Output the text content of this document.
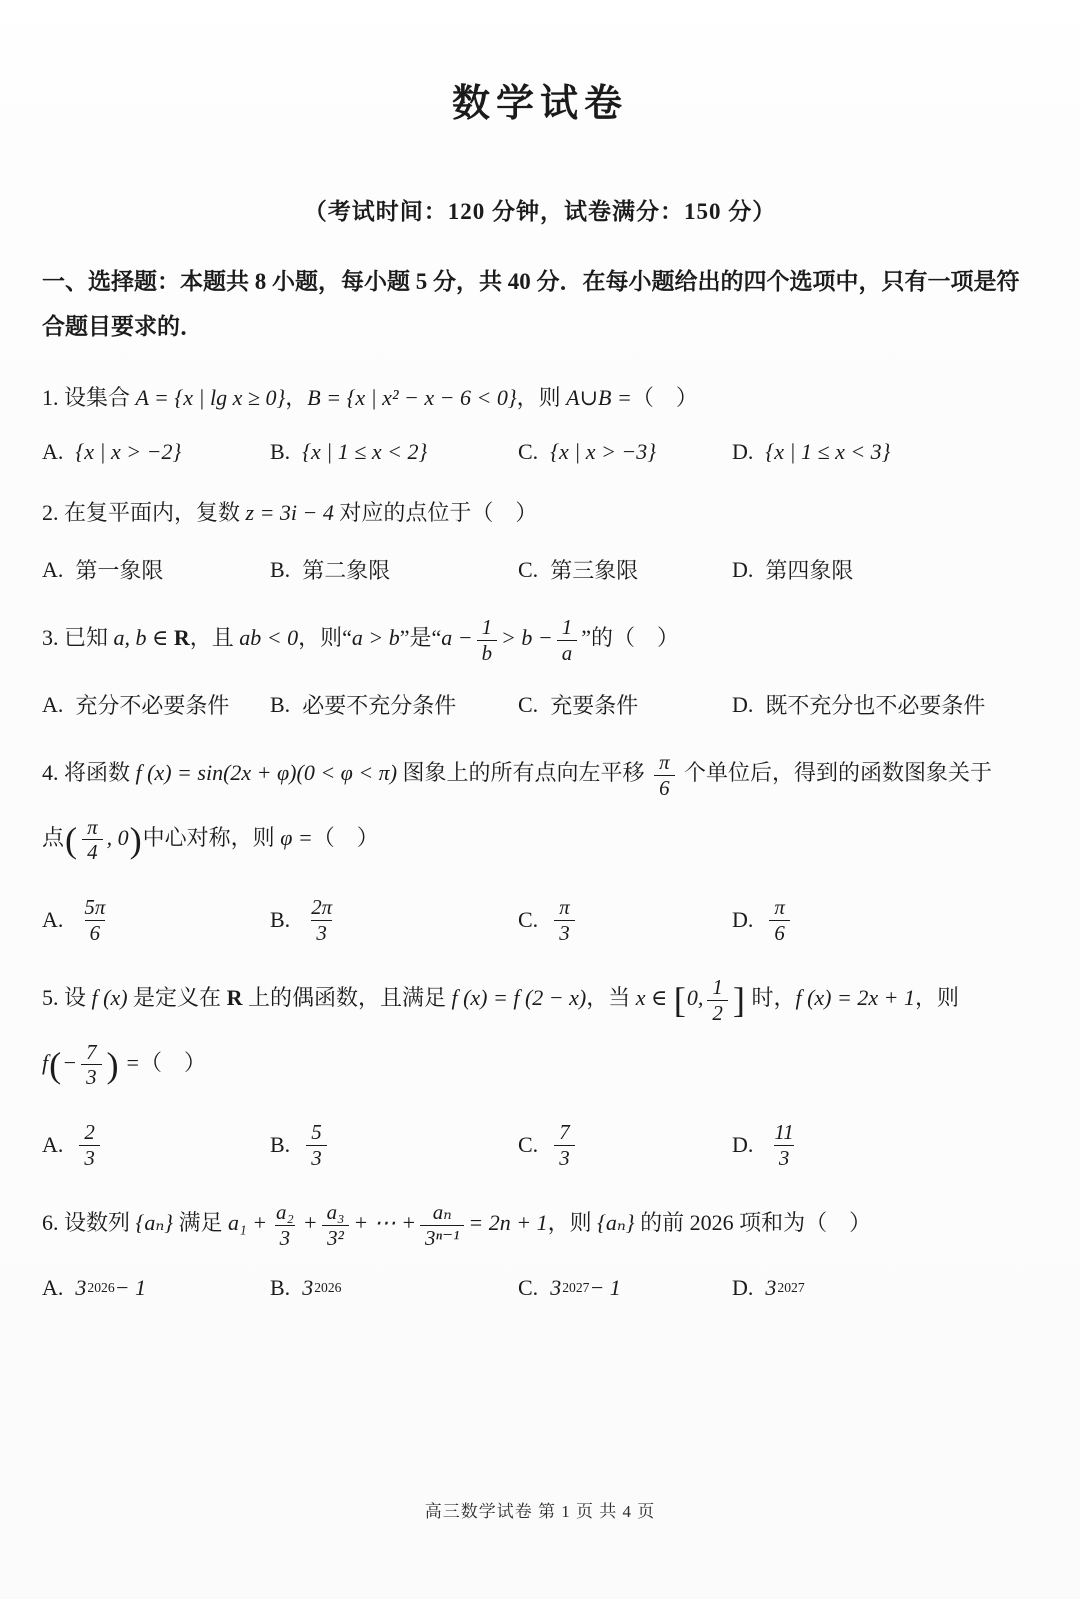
数学试卷
（考试时间：120 分钟，试卷满分：150 分）
一、选择题：本题共 8 小题，每小题 5 分，共 40 分．在每小题给出的四个选项中，只有一项是符
合题目要求的．
1. 设集合 A = {x | lg x ≥ 0}，B = {x | x² − x − 6 < 0}，则 A∪B =（　）
A. {x | x > −2}	B. {x | 1 ≤ x < 2}	C. {x | x > −3}	D. {x | 1 ≤ x < 3}
2. 在复平面内，复数 z = 3i − 4 对应的点位于（　）
A. 第一象限	B. 第二象限	C. 第三象限	D. 第四象限
3. 已知 a, b ∈ R，且 ab < 0，则“a > b”是“$a - \frac{1}{b} > b - \frac{1}{a}$ ”的（　）
A. 充分不必要条件 B. 必要不充分条件	C. 充要条件	D. 既不充分也不必要条件
4. 将函数 f (x) = sin(2x + φ)(0 < φ < π) 图象上的所有点向左平移 $\frac{\pi}{6}$ 个单位后，得到的函数图象关于
点( $\frac{\pi}{4}$ , 0)中心对称，则 φ =（　）
A. $\frac{5\pi}{6}$	B. $\frac{2\pi}{3}$	C. $\frac{\pi}{3}$	D. $\frac{\pi}{6}$
5. 设 f (x) 是定义在 R 上的偶函数，且满足 f (x) = f (2 − x)，当 x ∈ [0, $\frac{1}{2}$ ] 时，f (x) = 2x + 1，则
$f(- \frac{7}{3}$ ) =（　）
A. $\frac{2}{3}$	B. $\frac{5}{3}$	C. $\frac{7}{3}$	D. $\frac{11}{3}$
6. 设数列 {aₙ} 满足 $a_1 + \frac{\text{a₂}}{3} + \frac{\text{a₃}}{\text{3²}}$ + ⋯ + $\frac{\text{aₙ}}{\text{3ⁿ⁻¹}} = 2n + 1$，则 {aₙ} 的前 2026 项和为（　）
A. 3 2026 − 1	B. 3 2026	C. 3 2027 − 1	D. 3 2027
高三数学试卷 第 1 页 共 4 页
